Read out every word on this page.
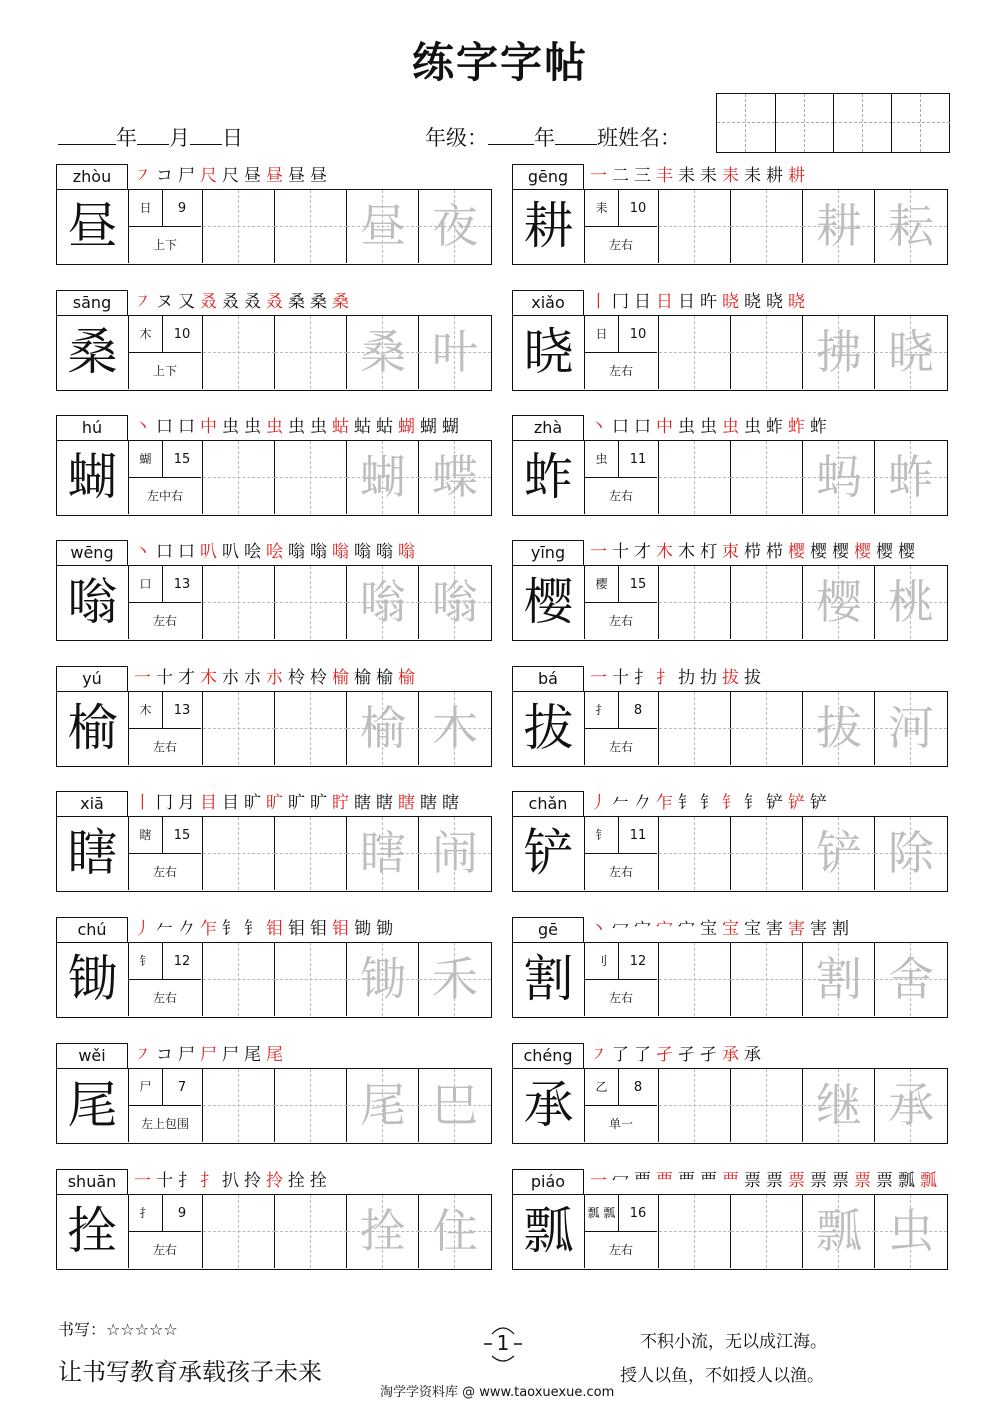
练字字帖
年 月 日	年级： 年 班姓名：
zhòu	㇇コ尸尺尺昼昼昼昼
昼	日	9
上下	昼 夜
gēng	一二三丰耒耒耒耒耕耕
耕	耒	10
左右	耕 耘
sāng	㇇ヌ又叒叒叒叒桑桑桑
桑	木	10
上下	桑 叶
xiǎo	丨冂日日日旿晓晓晓晓
晓	日	10
左右	拂 晓
hú	丶口口中虫虫虫虫虫蛄蛄蛄蝴蝴蝴
蝴	蝴	15
左中右	蝴 蝶
zhà	丶口口中虫虫虫虫蚱蚱蚱
蚱	虫	11
左右	蚂 蚱
wēng	丶口口叭叭哙哙嗡嗡嗡嗡嗡嗡
嗡	口	13
左右	嗡 嗡
yīng	一十才木木朾朿栉栉樱樱樱樱樱樱
樱	樱	15
左右	樱 桃
yú	一十才木朩朩朩柃柃榆榆榆榆
榆	木	13
左右	榆 木
bá	一十扌扌扐扐拔拔
拔	扌	8
左右	拔 河
xiā	丨冂月目目旷旷旷旷眝瞎瞎瞎瞎瞎
瞎	瞎	15
左右	瞎 闹
chǎn	丿𠂉𠂊乍钅钅钅钅铲铲铲
铲	钅	11
左右	铲 除
chú	丿𠂉𠂊乍钅钅钼钼钼钼锄锄
锄	钅	12
左右	锄 禾
gē	丶冖宀宀宀宝宝宝害害害割
割	刂	12
左右	割 舍
wěi	㇇コ尸尸尸尾尾
尾	尸	7
左上包围	尾 巴
chéng	㇇了了孑孑孑承承
承	乙	8
单一	继 承
shuān	一十扌扌扒拎拎拴拴
拴	扌	9
左右	拴 住
piáo	一冖覀覀覀覀覀票票票票票票票瓢瓢
瓢	瓢 瓢	16
左右	瓢 虫
书写：☆☆☆☆☆
让书写教育承载孩子未来
1	不积小流，无以成江海。
授人以鱼，不如授人以渔。
淘学学资料库 @ www.taoxuexue.com
